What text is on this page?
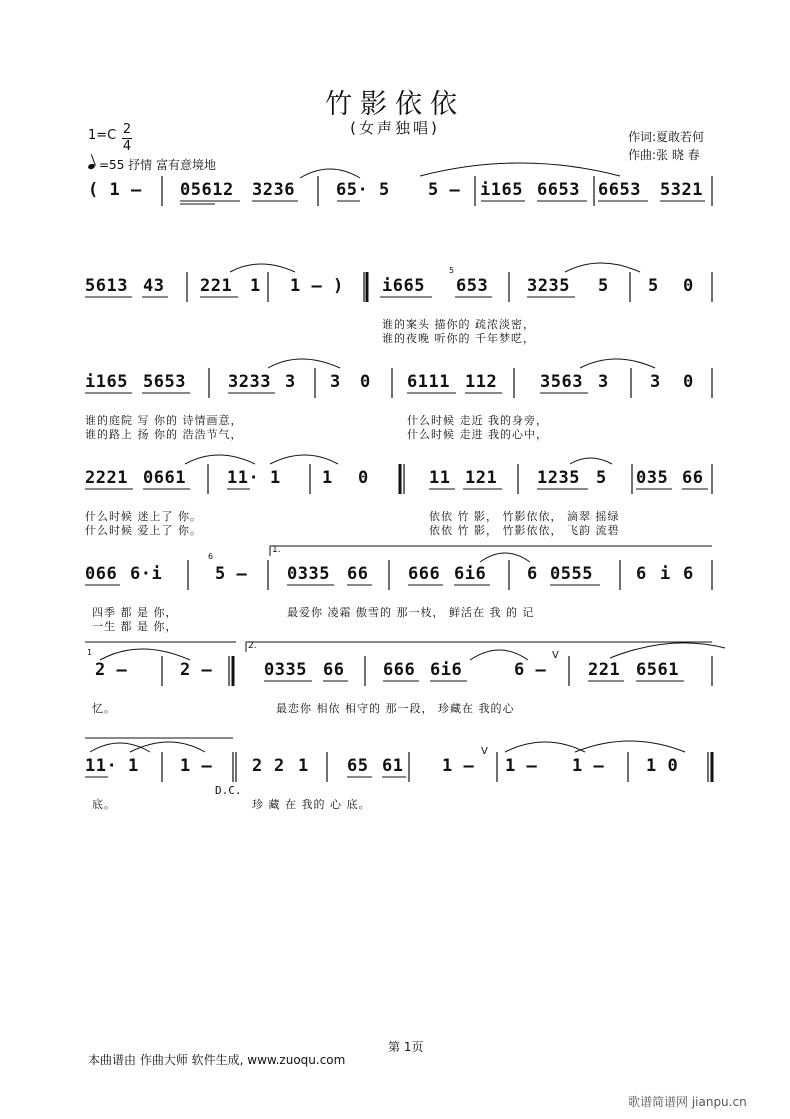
竹影依依
(女声独唱)	作词:夏敢若何
作曲:张 晓 春
1=C 2
4
=55 抒情 富有意境地
( 1 – 05612 3236 65· 5 5 – i165 6653 6653 5321
5613 43 221 1 1 – ) i665 653 3235 5 5 0
5
i165 5653 3233 3 3 0 6111 112	3563 3 3 0
2221 0661 11· 1 1 0	11 121 1235 5 035 66
066 6·i	5 –
6
0335 66 666 6i6 6 0555	6 i 6
1.
2 –
1
2 –	0335 66 666 6i6	6 –
V
221 6561
2.
11· 1 1 – 2 2 1 65 61 1 –
V
1 – 1 – 1 0
D.C.
谁的案头 描你的 疏浓淡密，
谁的夜晚 听你的 千年梦呓，
谁的庭院 写 你的 诗情画意，
谁的路上 扬 你的 浩浩节气，
什么时候 走近 我的身旁，
什么时候 走进 我的心中，
什么时候 迷上了 你。
什么时候 爱上了 你。
依依 竹 影， 竹影依依， 滴翠 摇绿
依依 竹 影， 竹影依依， 飞韵 流碧
四季 都 是 你，
一生 都 是 你，
最爱你 凌霜 傲雪的 那一枝， 鲜活在 我 的 记
忆。	最恋你 相依 相守的 那一段， 珍藏在 我的心
底。	珍 藏 在 我的 心 底。
第 1页
本曲谱由 作曲大师 软件生成, www.zuoqu.com
歌谱简谱网 jianpu.cn
